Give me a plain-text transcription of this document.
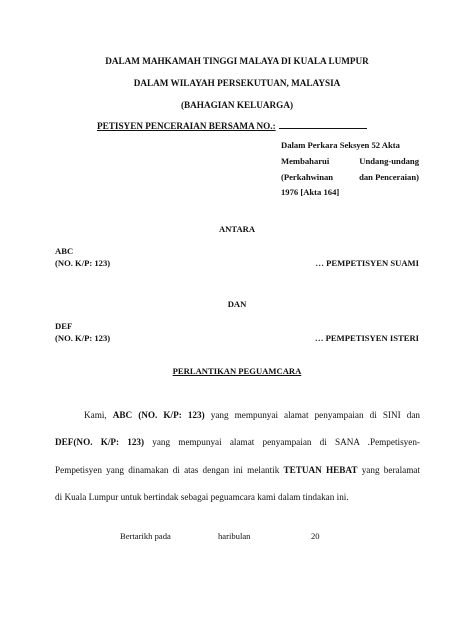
DALAM MAHKAMAH TINGGI MALAYA DI KUALA LUMPUR
DALAM WILAYAH PERSEKUTUAN, MALAYSIA
(BAHAGIAN KELUARGA)
PETISYEN PENCERAIAN BERSAMA NO.:
Dalam Perkara Seksyen 52 Akta
Membaharui	Undang-undang
(Perkahwinan	dan Penceraian)
1976 [Akta 164]
ANTARA
ABC
(NO. K/P: 123)	… PEMPETISYEN SUAMI
DAN
DEF
(NO. K/P: 123)	… PEMPETISYEN ISTERI
PERLANTIKAN PEGUAMCARA
Kami, ABC (NO. K/P: 123) yang mempunyai alamat penyampaian di SINI dan
DEF(NO. K/P: 123) yang mempunyai alamat penyampaian di SANA .Pempetisyen-
Pempetisyen yang dinamakan di atas dengan ini melantik TETUAN HEBAT yang beralamat
di Kuala Lumpur untuk bertindak sebagai peguamcara kami dalam tindakan ini.
Bertarikh pada	haribulan	20
